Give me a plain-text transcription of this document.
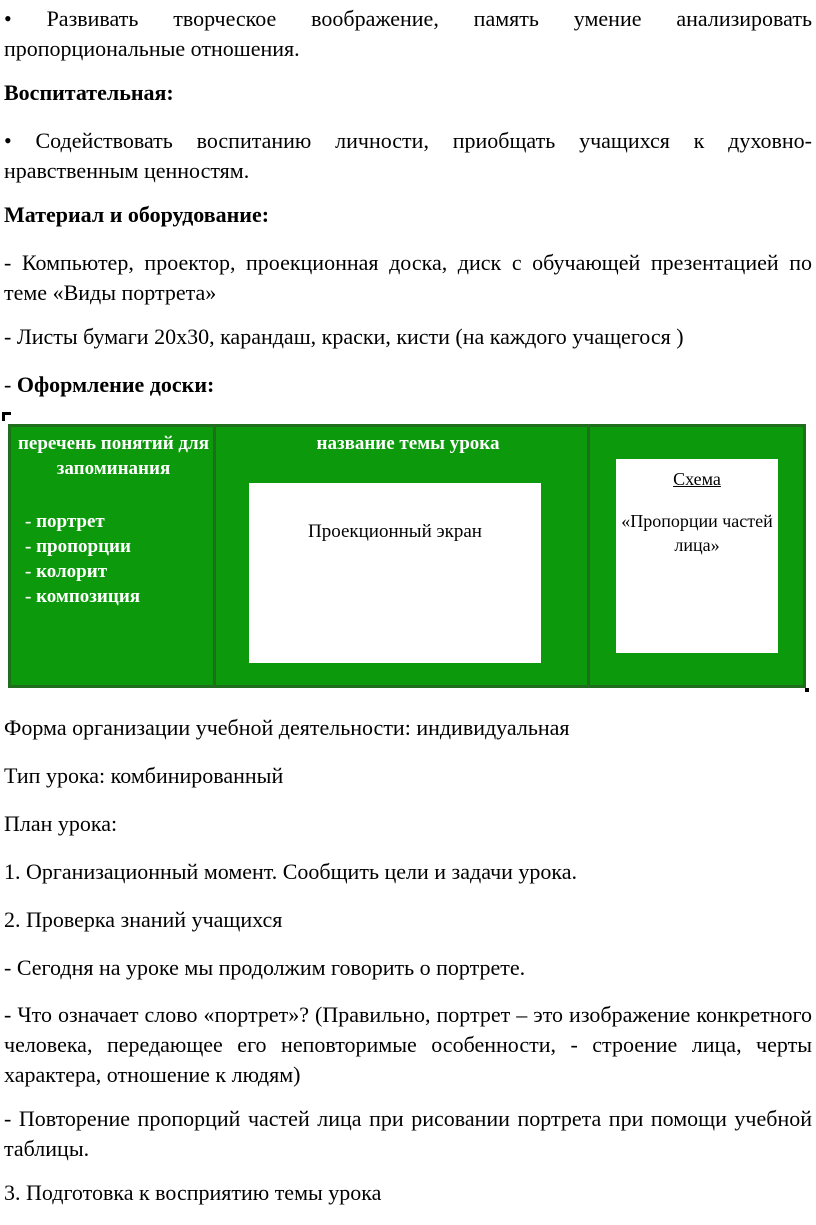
• Развивать творческое воображение, память умение анализировать пропорциональные отношения.

Воспитательная:

• Содействовать воспитанию личности, приобщать учащихся к духовно-нравственным ценностям.

Материал и оборудование:

- Компьютер, проектор, проекционная доска, диск с обучающей презентацией по теме «Виды портрета»

- Листы бумаги 20х30, карандаш, краски, кисти (на каждого учащегося )

- Оформление доски:

перечень понятий для запоминания
- портрет
- пропорции
- колорит
- композиция
название темы урока
Проекционный экран
Схема
«Пропорции частей лица»

Форма организации учебной деятельности: индивидуальная

Тип урока: комбинированный

План урока:

1. Организационный момент. Сообщить цели и задачи урока.

2. Проверка знаний учащихся

- Сегодня на уроке мы продолжим говорить о портрете.

- Что означает слово «портрет»? (Правильно, портрет – это изображение конкретного человека, передающее его неповторимые особенности, - строение лица, черты характера, отношение к людям)

- Повторение пропорций частей лица при рисовании портрета при помощи учебной таблицы.

3. Подготовка к восприятию темы урока
